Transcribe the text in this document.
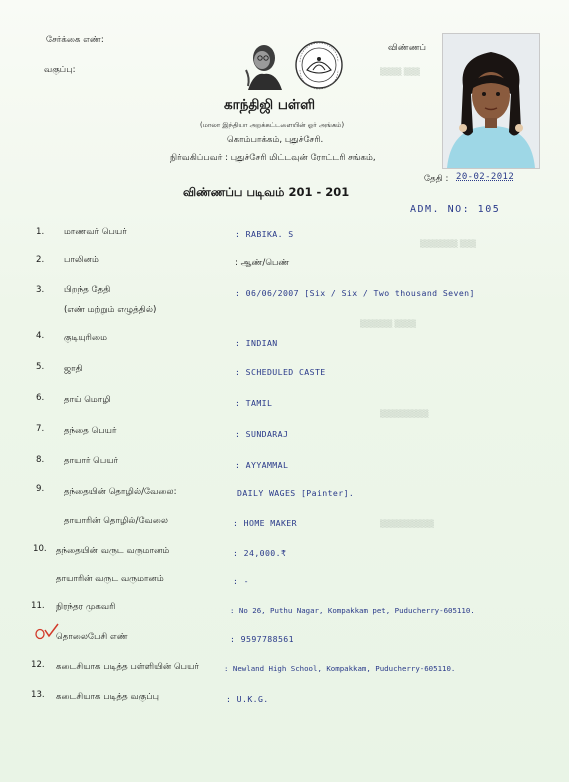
▒▒▒▒ ▒▒▒
▒▒▒▒▒▒▒ ▒▒▒
▒▒▒▒▒▒ ▒▒▒▒
▒▒▒▒▒▒▒▒▒
▒▒▒▒▒▒▒▒▒▒
சேர்க்கை எண்:
வகுப்பு:
விண்ணப்
காந்திஜி பள்ளி
(மாலா இந்தியா அறக்கட்டளையின் ஓர் அங்கம்)
கொம்பாக்கம், புதுச்சேரி.
நிர்வகிப்பவர் : புதுச்சேரி மிட்டவுன் ரோட்டரி சங்கம்,
தேதி : 20-02-2012
விண்ணப்ப படிவம் 201 - 201
ADM. NO: 105
1. மாணவர் பெயர்	: RABIKA. S
2. பாலினம்	: ஆண்/பெண்
3. பிறந்த தேதி
(எண் மற்றும் எழுத்தில்)
: 06/06/2007 [Six / Six / Two thousand Seven]
4. குடியுரிமை	: INDIAN
5. ஜாதி	: SCHEDULED CASTE
6. தாய் மொழி	: TAMIL
7. தந்தை பெயர்	: SUNDARAJ
8. தாயார் பெயர்	: AYYAMMAL
9. தந்தையின் தொழில்/வேலை:	DAILY WAGES [Painter].
தாயாரின் தொழில்/வேலை	: HOME MAKER
10. தந்தையின் வருட வருமானம்	: 24,000.₹
தாயாரின் வருட வருமானம்	: -
11. நிரந்தர முகவரி	: No 26, Puthu Nagar, Kompakkam pet, Puducherry-605110.
தொலைபேசி எண்	: 9597788561
12. கடைசியாக படித்த பள்ளியின் பெயர்	: Newland High School, Kompakkam, Puducherry-605110.
13. கடைசியாக படித்த வகுப்பு	: U.K.G.
